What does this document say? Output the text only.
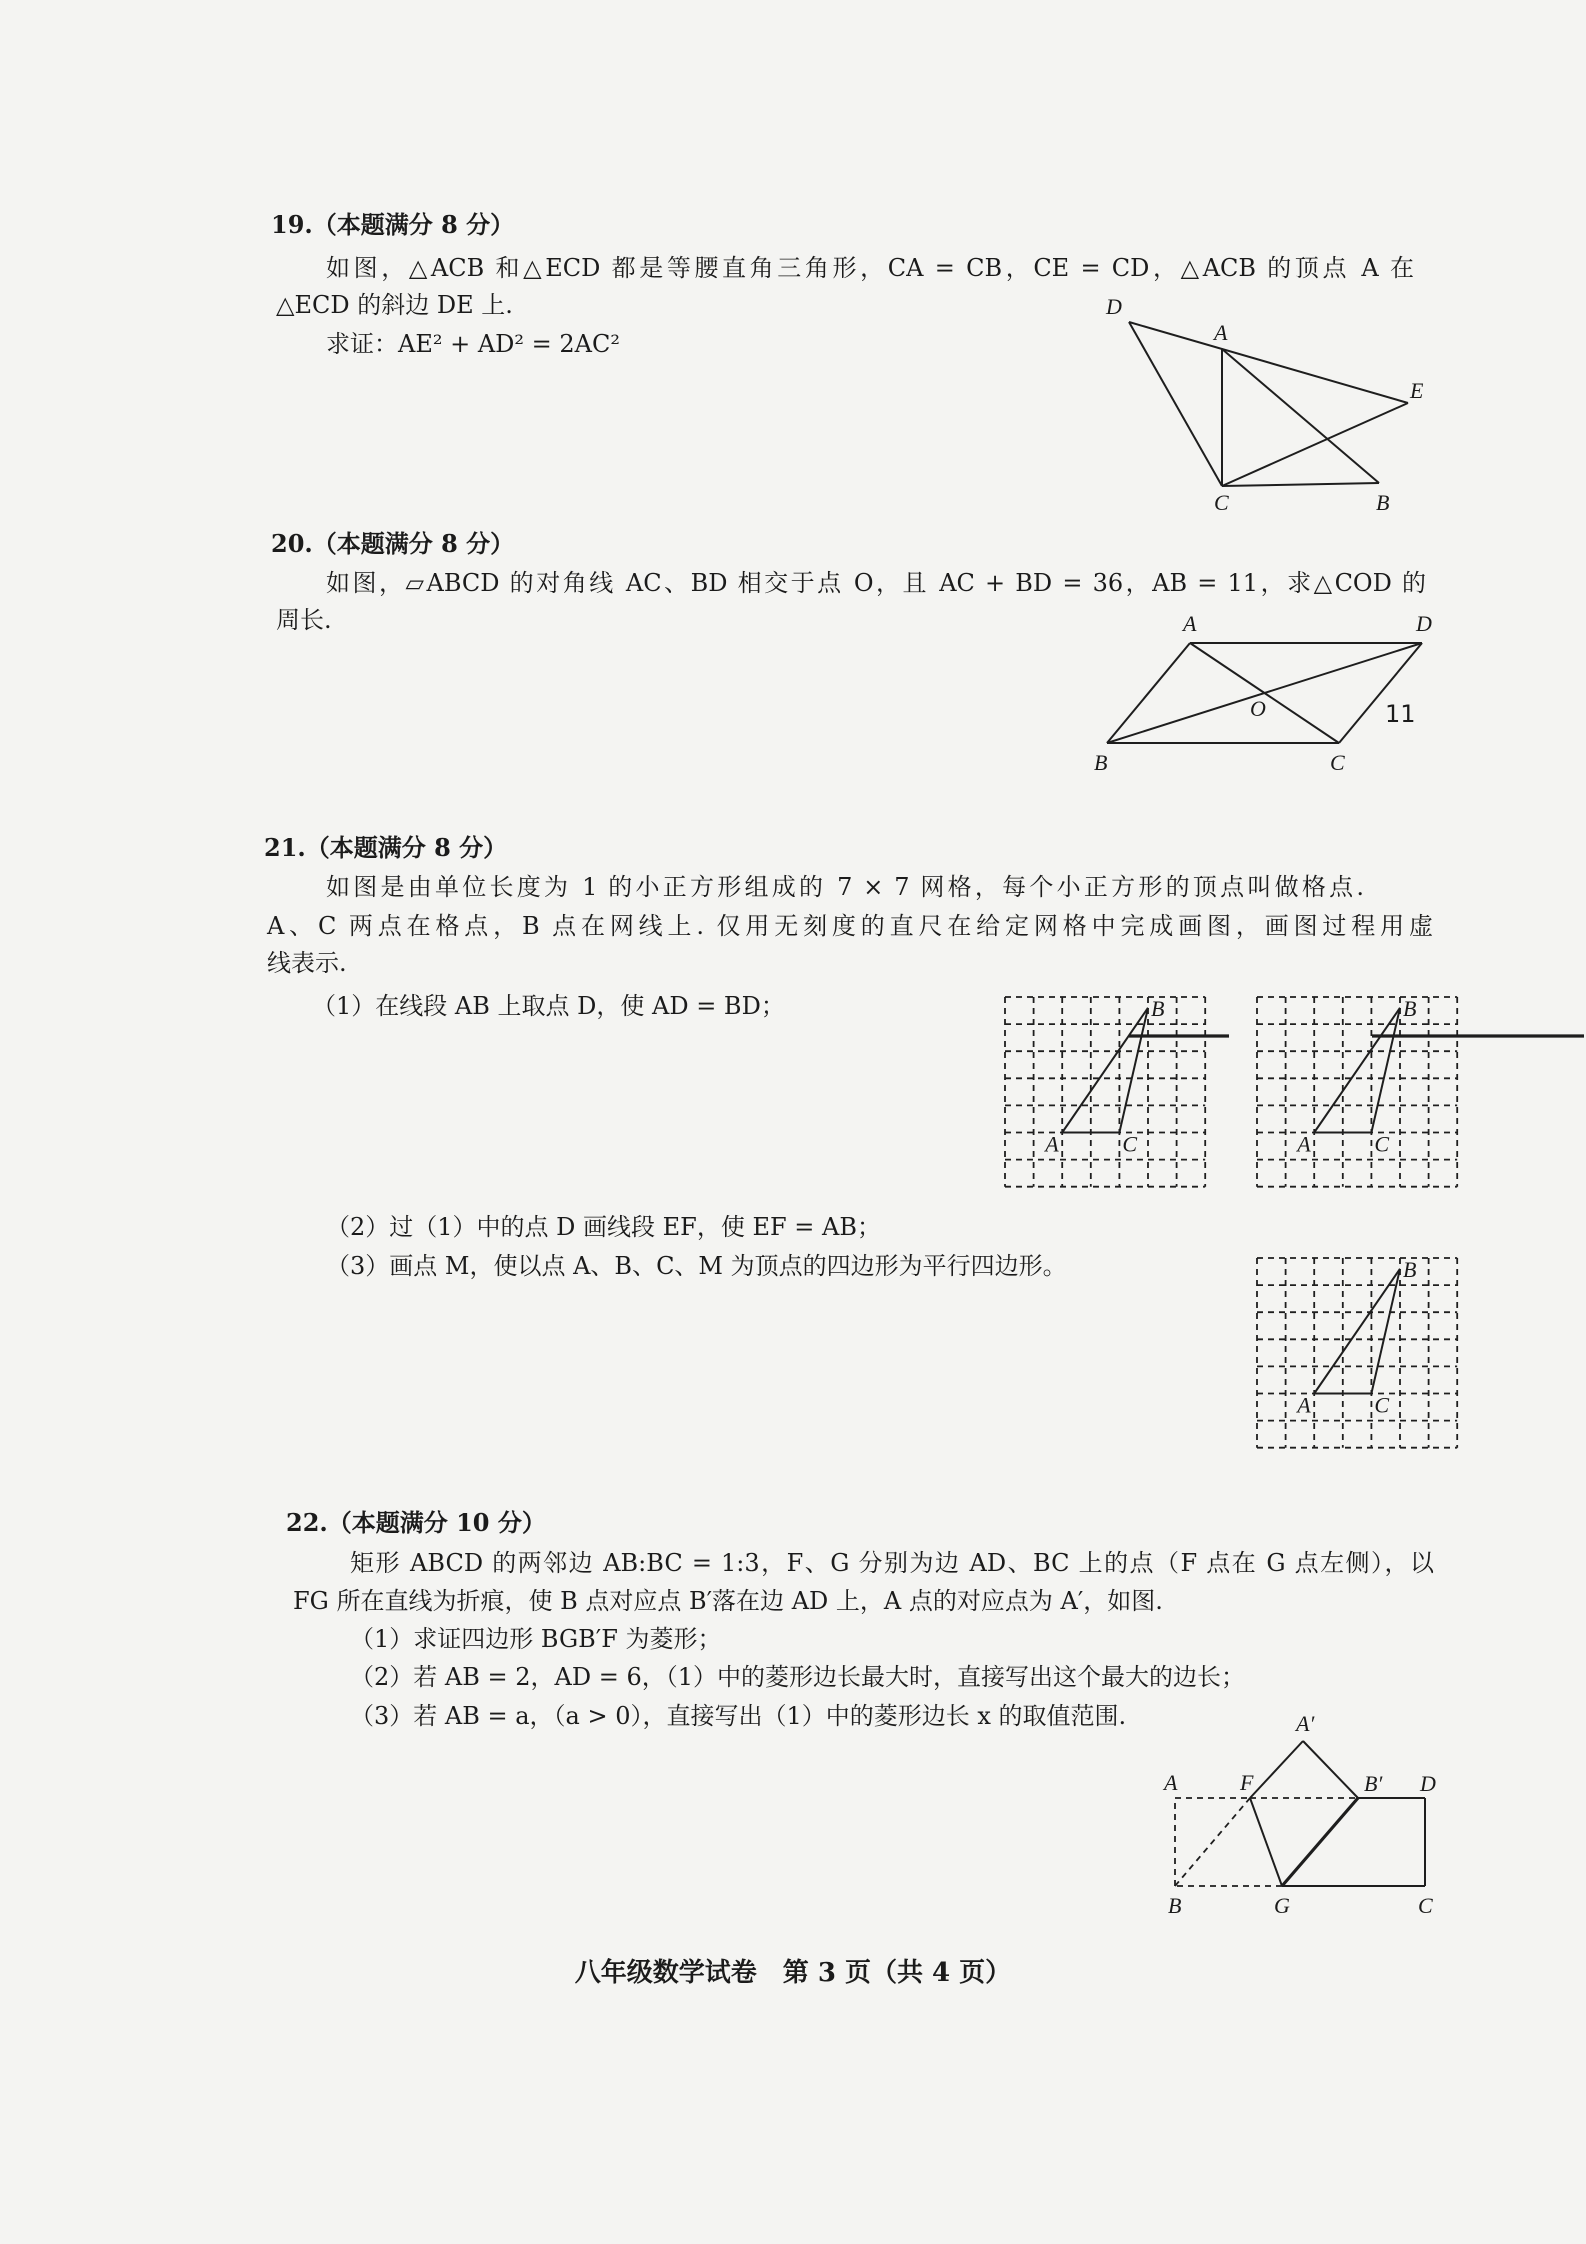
19.（本题满分 8 分）
如图，△ACB 和△ECD 都是等腰直角三角形，CA = CB，CE = CD，△ACB 的顶点 A 在
△ECD 的斜边 DE 上.
求证：AE² + AD² = 2AC²
20.（本题满分 8 分）
如图，▱ABCD 的对角线 AC、BD 相交于点 O，且 AC + BD = 36，AB = 11，求△COD 的
周长.
21.（本题满分 8 分）
如图是由单位长度为 1 的小正方形组成的 7 × 7 网格，每个小正方形的顶点叫做格点.
A、C 两点在格点，B 点在网线上. 仅用无刻度的直尺在给定网格中完成画图，画图过程用虚
线表示.
（1）在线段 AB 上取点 D，使 AD = BD；
（2）过（1）中的点 D 画线段 EF，使 EF = AB；
（3）画点 M，使以点 A、B、C、M 为顶点的四边形为平行四边形。
22.（本题满分 10 分）
矩形 ABCD 的两邻边 AB:BC = 1:3，F、G 分别为边 AD、BC 上的点（F 点在 G 点左侧），以
FG 所在直线为折痕，使 B 点对应点 B′落在边 AD 上，A 点的对应点为 A′，如图.
（1）求证四边形 BGB′F 为菱形；
（2）若 AB = 2，AD = 6，（1）中的菱形边长最大时，直接写出这个最大的边长；
（3）若 AB = a，（a > 0），直接写出（1）中的菱形边长 x 的取值范围.
八年级数学试卷　第 3 页（共 4 页）
D
A
E
C	B
A	D
B	C
O	11
A	C
B
A	C
B
A	C
B
A	F
A′
B′ D
B	G	C
